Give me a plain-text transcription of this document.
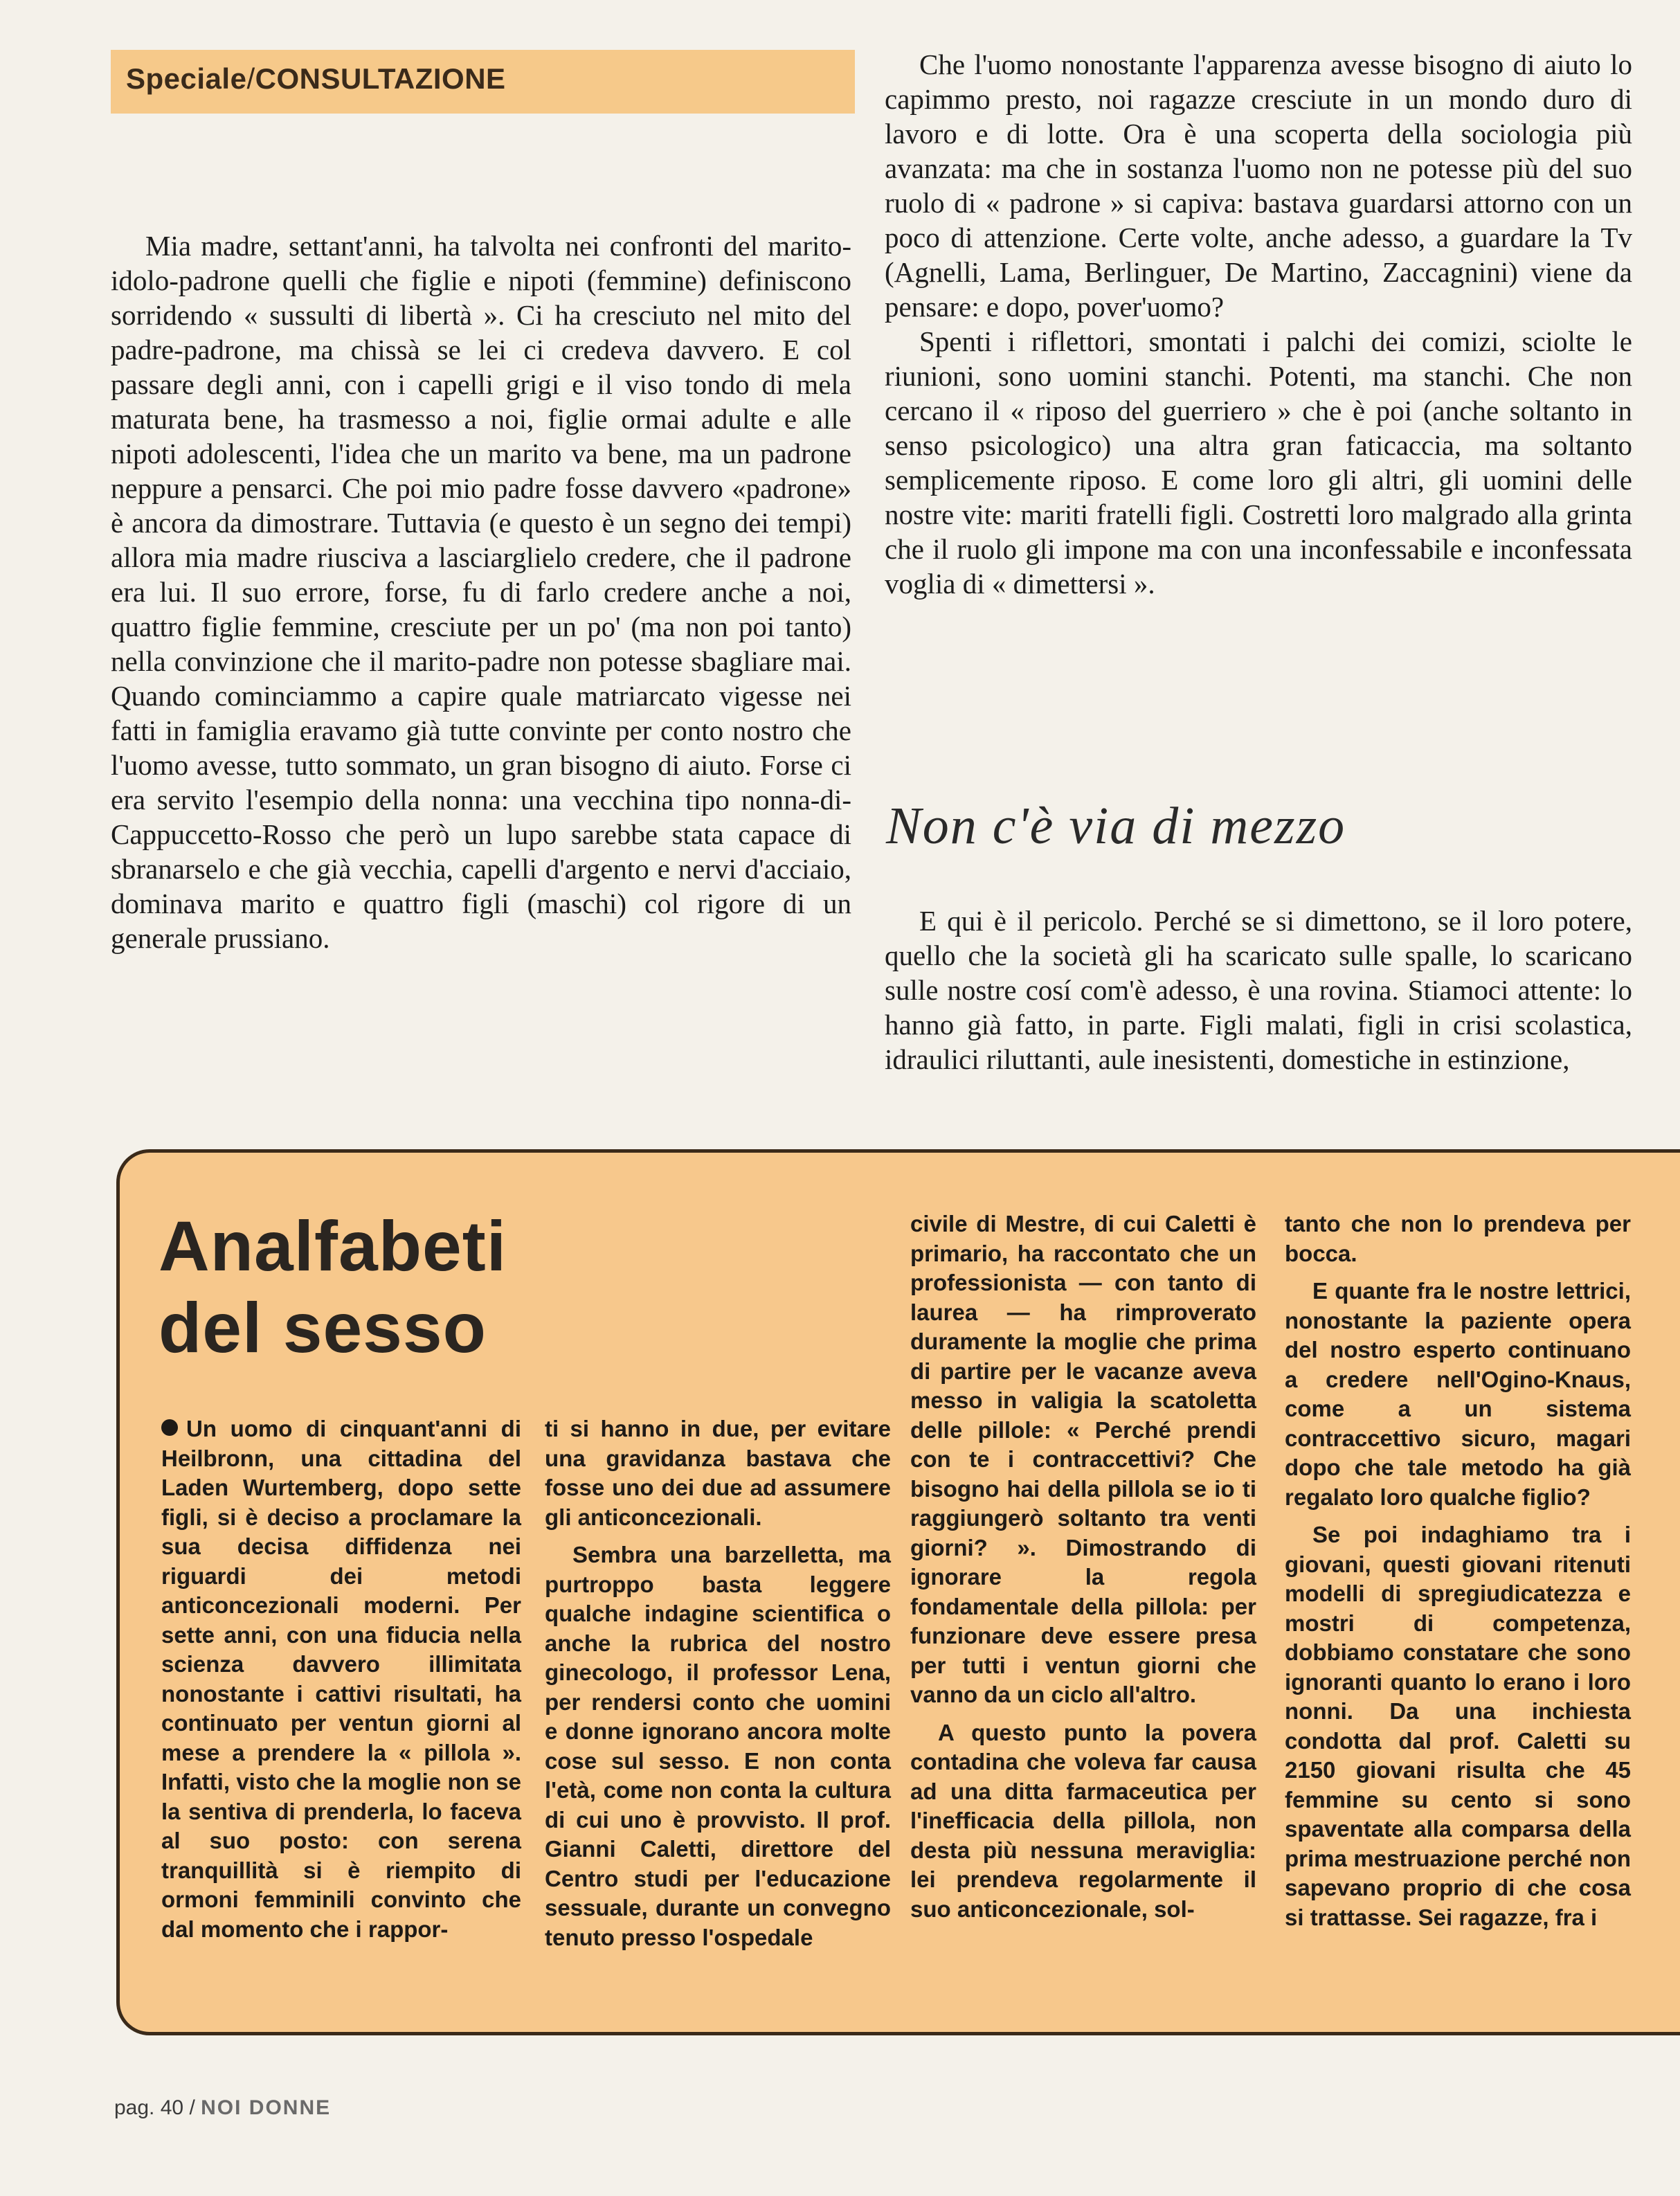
Speciale/CONSULTAZIONE

Mia madre, settant'anni, ha talvolta nei confronti del marito-idolo-padrone quelli che figlie e nipoti (femmine) definiscono sorridendo « sussulti di libertà ». Ci ha cresciuto nel mito del padre-padrone, ma chissà se lei ci credeva davvero. E col passare degli anni, con i capelli grigi e il viso tondo di mela maturata bene, ha trasmesso a noi, figlie ormai adulte e alle nipoti adolescenti, l'idea che un marito va bene, ma un padrone neppure a pensarci. Che poi mio padre fosse davvero «padrone» è ancora da dimostrare. Tuttavia (e questo è un segno dei tempi) allora mia madre riusciva a lasciarglielo credere, che il padrone era lui. Il suo errore, forse, fu di farlo credere anche a noi, quattro figlie femmine, cresciute per un po' (ma non poi tanto) nella convinzione che il marito-padre non potesse sbagliare mai. Quando cominciammo a capire quale matriarcato vigesse nei fatti in famiglia eravamo già tutte convinte per conto nostro che l'uomo avesse, tutto sommato, un gran bisogno di aiuto. Forse ci era servito l'esempio della nonna: una vecchina tipo nonna-di-Cappuccetto-Rosso che però un lupo sarebbe stata capace di sbranarselo e che già vecchia, capelli d'argento e nervi d'acciaio, dominava marito e quattro figli (maschi) col rigore di un generale prussiano.

Che l'uomo nonostante l'apparenza avesse bisogno di aiuto lo capimmo presto, noi ragazze cresciute in un mondo duro di lavoro e di lotte. Ora è una scoperta della sociologia più avanzata: ma che in sostanza l'uomo non ne potesse più del suo ruolo di « padrone » si capiva: bastava guardarsi attorno con un poco di attenzione. Certe volte, anche adesso, a guardare la Tv (Agnelli, Lama, Berlinguer, De Martino, Zaccagnini) viene da pensare: e dopo, pover'uomo?

Spenti i riflettori, smontati i palchi dei comizi, sciolte le riunioni, sono uomini stanchi. Potenti, ma stanchi. Che non cercano il « riposo del guerriero » che è poi (anche soltanto in senso psicologico) una altra gran faticaccia, ma soltanto semplicemente riposo. E come loro gli altri, gli uomini delle nostre vite: mariti fratelli figli. Costretti loro malgrado alla grinta che il ruolo gli impone ma con una inconfessabile e inconfessata voglia di « dimettersi ».

Non c'è via di mezzo

E qui è il pericolo. Perché se si dimettono, se il loro potere, quello che la società gli ha scaricato sulle spalle, lo scaricano sulle nostre cosí com'è adesso, è una rovina. Stiamoci attente: lo hanno già fatto, in parte. Figli malati, figli in crisi scolastica, idraulici riluttanti, aule inesistenti, domestiche in estinzione,

Analfabeti
del sesso

Un uomo di cinquant'anni di Heilbronn, una cittadina del Laden Wurtemberg, dopo sette figli, si è deciso a proclamare la sua decisa diffidenza nei riguardi dei metodi anticoncezionali moderni. Per sette anni, con una fiducia nella scienza davvero illimitata nonostante i cattivi risultati, ha continuato per ventun giorni al mese a prendere la « pillola ». Infatti, visto che la moglie non se la sentiva di prenderla, lo faceva al suo posto: con serena tranquillità si è riempito di ormoni femminili convinto che dal momento che i rappor-

ti si hanno in due, per evitare una gravidanza bastava che fosse uno dei due ad assumere gli anticoncezionali.

Sembra una barzelletta, ma purtroppo basta leggere qualche indagine scientifica o anche la rubrica del nostro ginecologo, il professor Lena, per rendersi conto che uomini e donne ignorano ancora molte cose sul sesso. E non conta l'età, come non conta la cultura di cui uno è provvisto. Il prof. Gianni Caletti, direttore del Centro studi per l'educazione sessuale, durante un convegno tenuto presso l'ospedale

civile di Mestre, di cui Caletti è primario, ha raccontato che un professionista — con tanto di laurea — ha rimproverato duramente la moglie che prima di partire per le vacanze aveva messo in valigia la scatoletta delle pillole: « Perché prendi con te i contraccettivi? Che bisogno hai della pillola se io ti raggiungerò soltanto tra venti giorni? ». Dimostrando di ignorare la regola fondamentale della pillola: per funzionare deve essere presa per tutti i ventun giorni che vanno da un ciclo all'altro.

A questo punto la povera contadina che voleva far causa ad una ditta farmaceutica per l'inefficacia della pillola, non desta più nessuna meraviglia: lei prendeva regolarmente il suo anticoncezionale, sol-

tanto che non lo prendeva per bocca.

E quante fra le nostre lettrici, nonostante la paziente opera del nostro esperto continuano a credere nell'Ogino-Knaus, come a un sistema contraccettivo sicuro, magari dopo che tale metodo ha già regalato loro qualche figlio?

Se poi indaghiamo tra i giovani, questi giovani ritenuti modelli di spregiudicatezza e mostri di competenza, dobbiamo constatare che sono ignoranti quanto lo erano i loro nonni. Da una inchiesta condotta dal prof. Caletti su 2150 giovani risulta che 45 femmine su cento si sono spaventate alla comparsa della prima mestruazione perché non sapevano proprio di che cosa si trattasse. Sei ragazze, fra i

pag. 40 / NOI DONNE
